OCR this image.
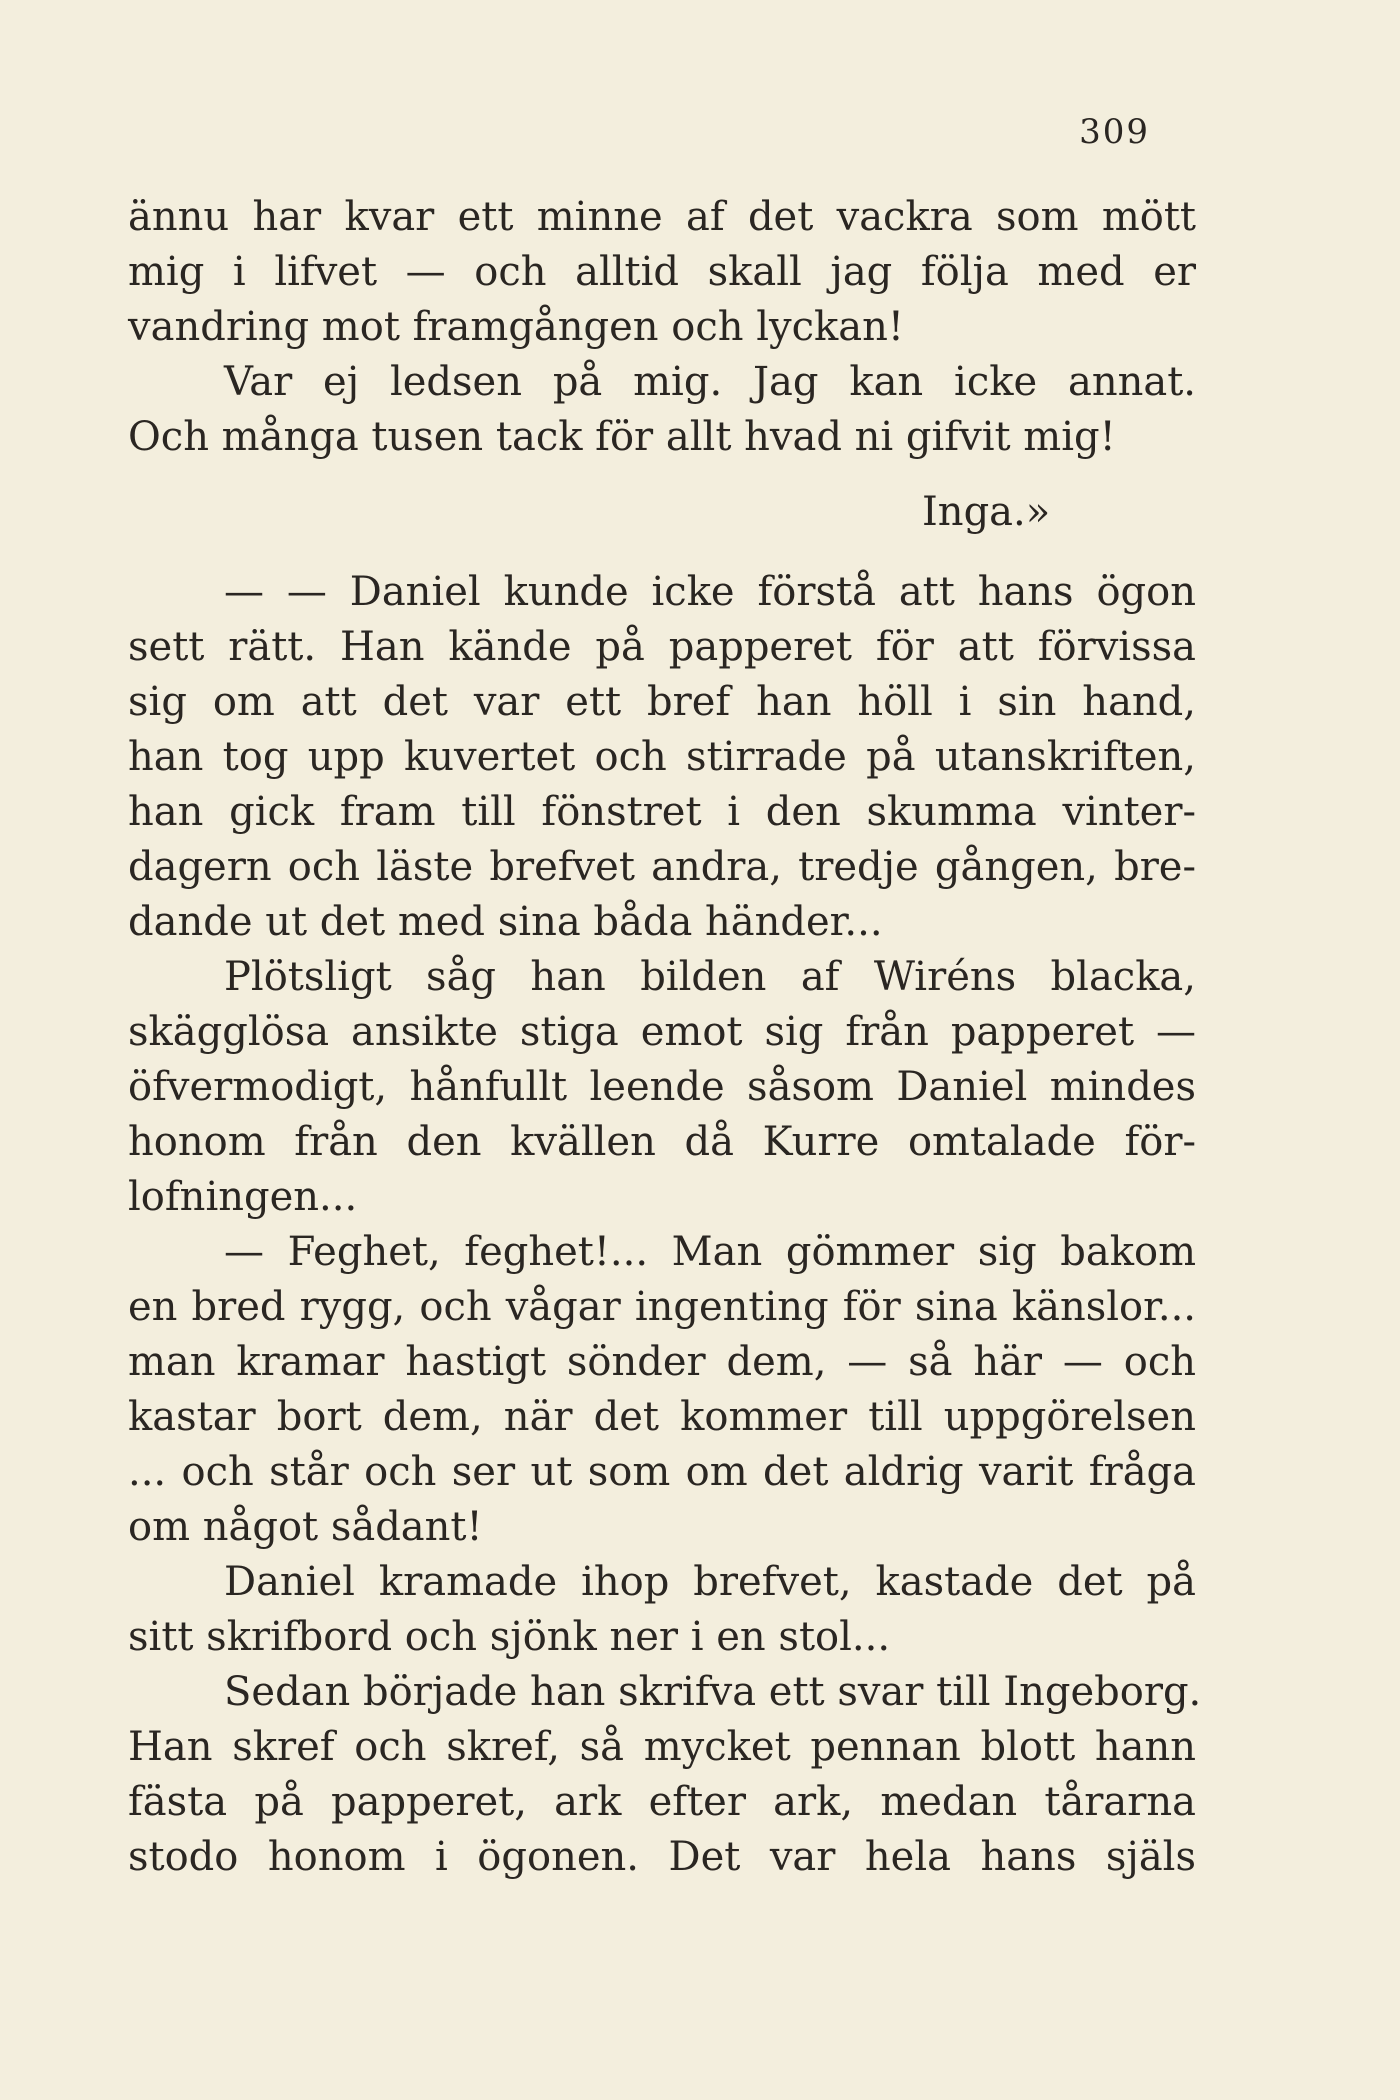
309
ännu har kvar ett minne af det vackra som mött
mig i lifvet — och alltid skall jag följa med er
vandring mot framgången och lyckan!
Var ej ledsen på mig. Jag kan icke annat.
Och många tusen tack för allt hvad ni gifvit mig!
Inga.»
— — Daniel kunde icke förstå att hans ögon
sett rätt. Han kände på papperet för att förvissa
sig om att det var ett bref han höll i sin hand,
han tog upp kuvertet och stirrade på utanskriften,
han gick fram till fönstret i den skumma vinter-
dagern och läste brefvet andra, tredje gången, bre-
dande ut det med sina båda händer...
Plötsligt såg han bilden af Wiréns blacka,
skägglösa ansikte stiga emot sig från papperet —
öfvermodigt, hånfullt leende såsom Daniel mindes
honom från den kvällen då Kurre omtalade för-
lofningen...
— Feghet, feghet!... Man gömmer sig bakom
en bred rygg, och vågar ingenting för sina känslor...
man kramar hastigt sönder dem, — så här — och
kastar bort dem, när det kommer till uppgörelsen
... och står och ser ut som om det aldrig varit fråga
om något sådant!
Daniel kramade ihop brefvet, kastade det på
sitt skrifbord och sjönk ner i en stol...
Sedan började han skrifva ett svar till Ingeborg.
Han skref och skref, så mycket pennan blott hann
fästa på papperet, ark efter ark, medan tårarna
stodo honom i ögonen. Det var hela hans själs
